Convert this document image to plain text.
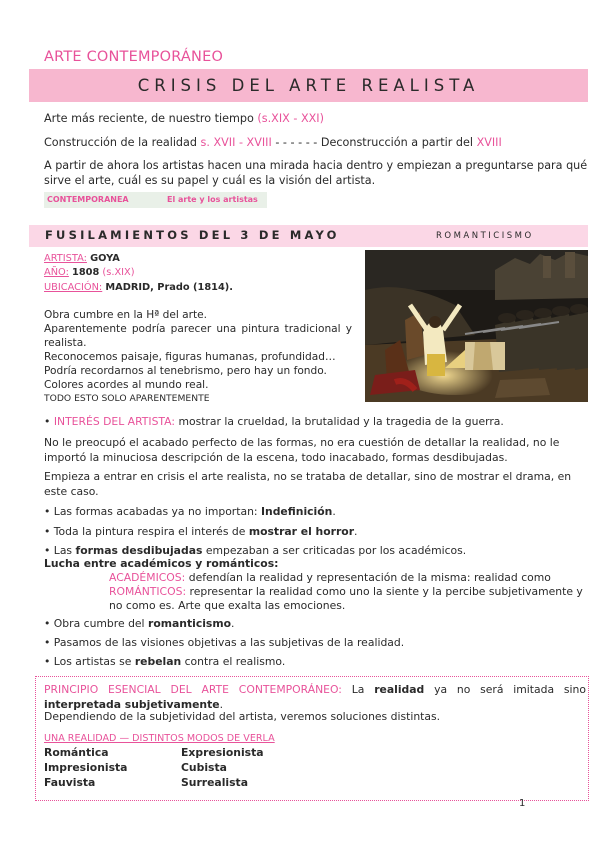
ARTE CONTEMPORÁNEO
CRISIS DEL ARTE REALISTA
Arte más reciente, de nuestro tiempo (s.XIX - XXI)
Construcción de la realidad s. XVII - XVIII - - - - - - Deconstrucción a partir del XVIII
A partir de ahora los artistas hacen una mirada hacia dentro y empiezan a preguntarse para qué sirve el arte, cuál es su papel y cuál es la visión del artista.
CONTEMPORANEA	El arte y los artistas
FUSILAMIENTOS DEL 3 DE MAYO	ROMANTICISMO
ARTISTA: GOYA
AÑO: 1808 (s.XIX)
UBICACIÓN: MADRID, Prado (1814).
Obra cumbre en la Hª del arte.
Aparentemente podría parecer una pintura tradicional y realista.
Reconocemos paisaje, figuras humanas, profundidad…
Podría recordarnos al tenebrismo, pero hay un fondo.
Colores acordes al mundo real.
TODO ESTO SOLO APARENTEMENTE
• INTERÉS DEL ARTISTA: mostrar la crueldad, la brutalidad y la tragedia de la guerra.
No le preocupó el acabado perfecto de las formas, no era cuestión de detallar la realidad, no le importó la minuciosa descripción de la escena, todo inacabado, formas desdibujadas.
Empieza a entrar en crisis el arte realista, no se trataba de detallar, sino de mostrar el drama, en este caso.
• Las formas acabadas ya no importan: Indefinición.
• Toda la pintura respira el interés de mostrar el horror.
• Las formas desdibujadas empezaban a ser criticadas por los académicos.
Lucha entre académicos y románticos:
ACADÉMICOS: defendían la realidad y representación de la misma: realidad como
ROMÁNTICOS: representar la realidad como uno la siente y la percibe subjetivamente y no como es. Arte que exalta las emociones.
• Obra cumbre del romanticismo.
• Pasamos de las visiones objetivas a las subjetivas de la realidad.
• Los artistas se rebelan contra el realismo.
PRINCIPIO ESENCIAL DEL ARTE CONTEMPORÁNEO: La realidad ya no será imitada sino interpretada subjetivamente.
Dependiendo de la subjetividad del artista, veremos soluciones distintas.
UNA REALIDAD — DISTINTOS MODOS DE VERLA
Romántica
Impresionista
Fauvista
Expresionista
Cubista
Surrealista
1
